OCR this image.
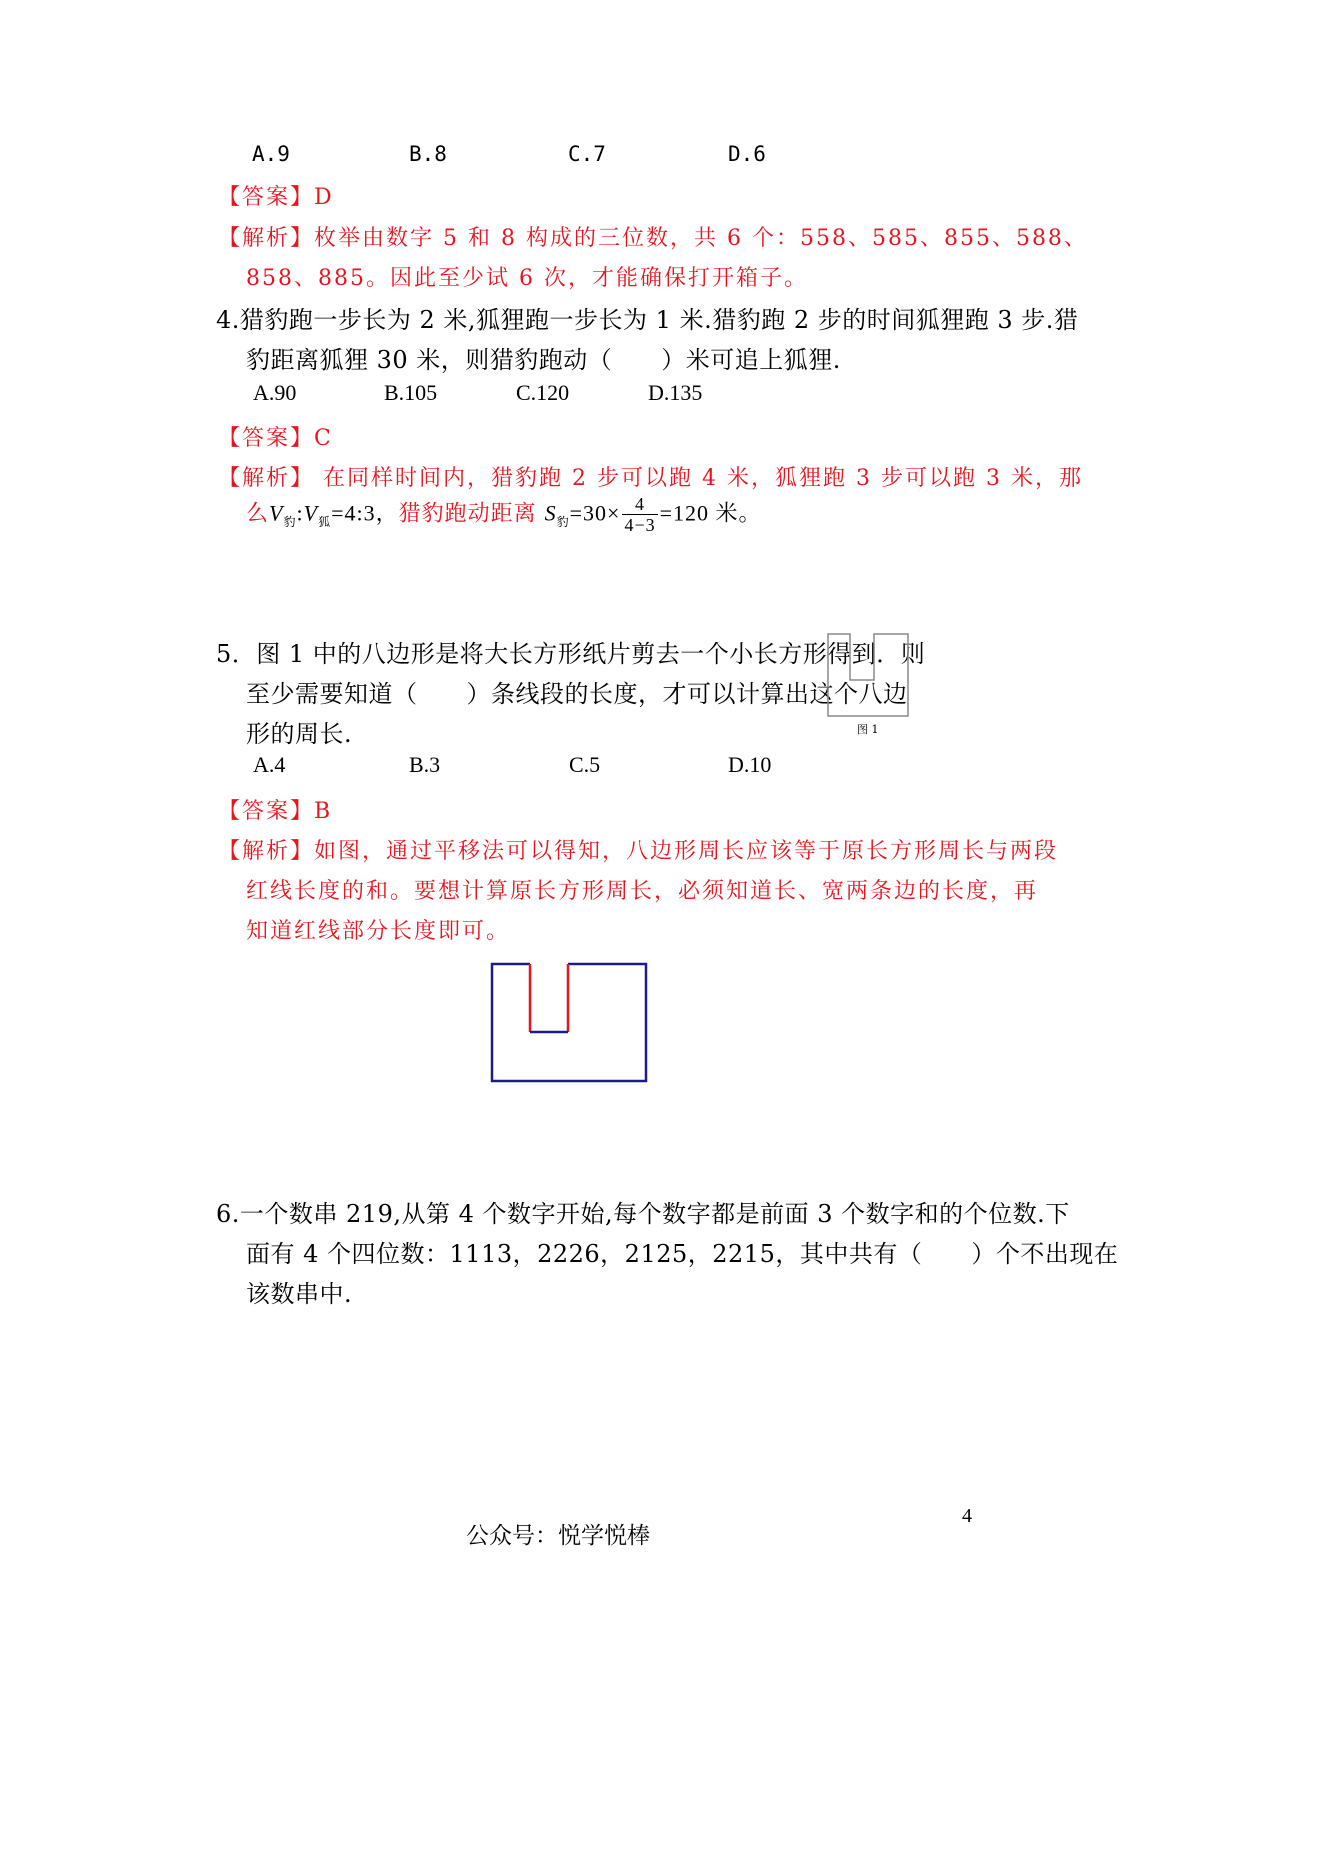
A.9	B.8	C.7	D.6
【答案】D
【解析】枚举由数字 5 和 8 构成的三位数，共 6 个：558、585、855、588、
858、885。因此至少试 6 次，才能确保打开箱子。
4.猎豹跑一步长为 2 米,狐狸跑一步长为 1 米.猎豹跑 2 步的时间狐狸跑 3 步.猎
豹距离狐狸 30 米，则猎豹跑动（　　）米可追上狐狸.
A.90	B.105	C.120	D.135
【答案】C
【解析】 在同样时间内，猎豹跑 2 步可以跑 4 米，狐狸跑 3 步可以跑 3 米，那
么$V_豹:V_狐=4:3$，猎豹跑动距离 $S_豹=30\times \frac{4}{4-3} =120$ 米。
5．图 1 中的八边形是将大长方形纸片剪去一个小长方形得到．则
至少需要知道（　　）条线段的长度，才可以计算出这个八边
形的周长.	图 1
A.4	B.3	C.5	D.10
【答案】B
【解析】如图，通过平移法可以得知，八边形周长应该等于原长方形周长与两段
红线长度的和。要想计算原长方形周长，必须知道长、宽两条边的长度，再
知道红线部分长度即可。
6.一个数串 219,从第 4 个数字开始,每个数字都是前面 3 个数字和的个位数.下
面有 4 个四位数：1113，2226，2125，2215，其中共有（　　）个不出现在
该数串中.
公众号：悦学悦棒
4
